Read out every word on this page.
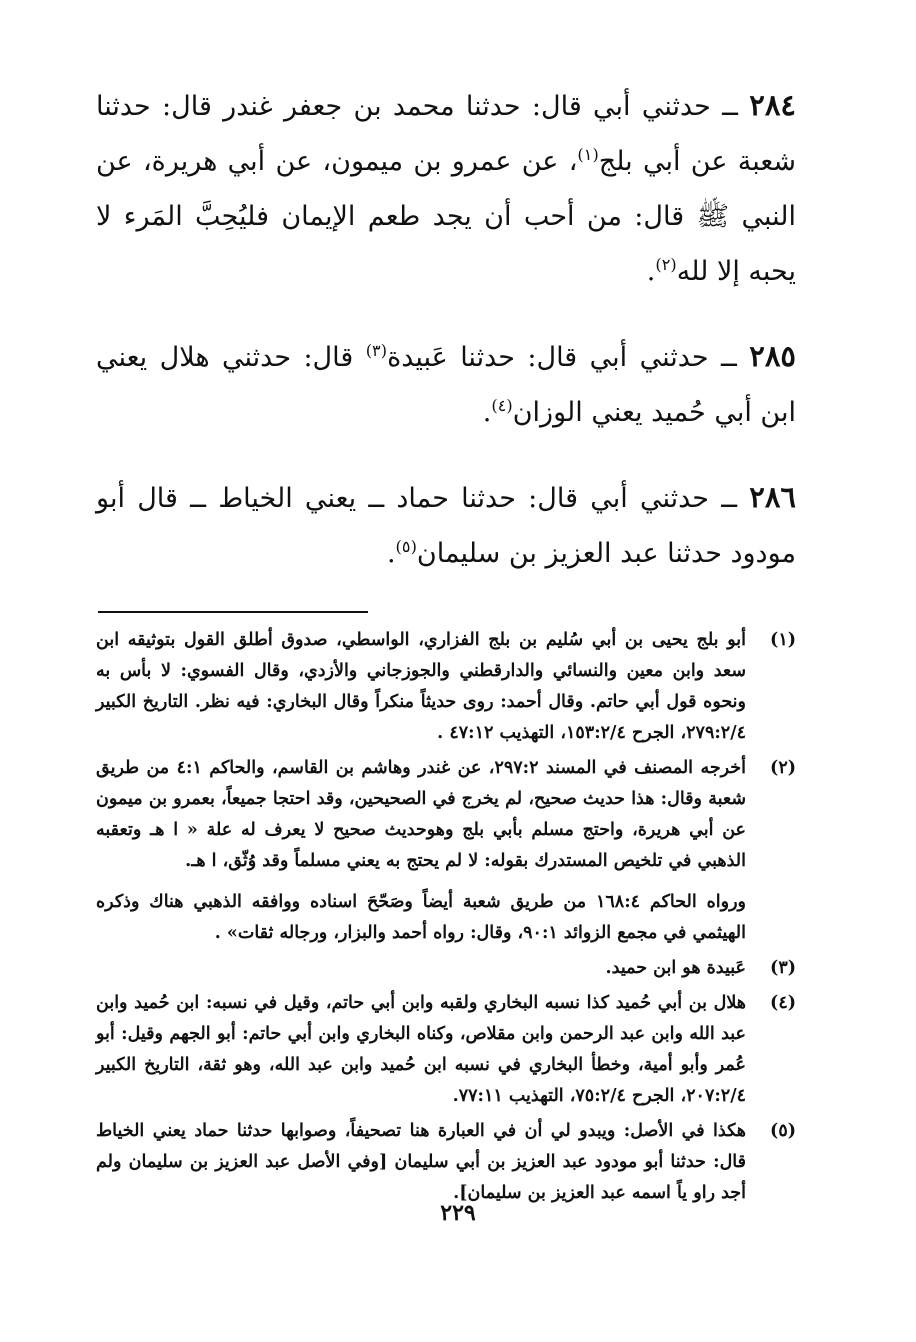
٢٨٤ ــ حدثني أبي قال: حدثنا محمد بن جعفر غندر قال: حدثنا شعبة عن أبي بلج$^{(١)}$، عن عمرو بن ميمون، عن أبي هريرة، عن النبي ﷺ قال: من أحب أن يجد طعم الإيمان فليُحِبَّ المَرء لا يحبه إلا لله$^{(٢)}$.

٢٨٥ ــ حدثني أبي قال: حدثنا عَبيدة$^{(٣)}$ قال: حدثني هلال يعني ابن أبي حُميد يعني الوزان$^{(٤)}$.

٢٨٦ ــ حدثني أبي قال: حدثنا حماد ــ يعني الخياط ــ قال أبو مودود حدثنا عبد العزيز بن سليمان$^{(٥)}$.

(١)
أبو بلج يحيى بن أبي سُليم بن بلج الفزاري، الواسطي، صدوق أطلق القول بتوثيقه ابن سعد وابن معين والنسائي والدارقطني والجوزجاني والأزدي، وقال الفسوي: لا بأس به ونحوه قول أبي حاتم. وقال أحمد: روى حديثاً منكراً وقال البخاري: فيه نظر. التاريخ الكبير ٢٧٩:٢/٤، الجرح ١٥٣:٢/٤، التهذيب ٤٧:١٢ .
(٢)
أخرجه المصنف في المسند ٢٩٧:٢، عن غندر وهاشم بن القاسم، والحاكم ٤:١ من طريق شعبة وقال: هذا حديث صحيح، لم يخرج في الصحيحين، وقد احتجا جميعاً، بعمرو بن ميمون عن أبي هريرة، واحتج مسلم بأبي بلج وهوحديث صحيح لا يعرف له علة « ا هـ وتعقبه الذهبي في تلخيص المستدرك بقوله: لا لم يحتج به يعني مسلماً وقد وُثّق، ا هـ.
ورواه الحاكم ١٦٨:٤ من طريق شعبة أيضاً وصَحّحَ اسناده ووافقه الذهبي هناك وذكره الهيثمي في مجمع الزوائد ٩٠:١، وقال: رواه أحمد والبزار، ورجاله ثقات» .
(٣)
عَبيدة هو ابن حميد.
(٤)
هلال بن أبي حُميد كذا نسبه البخاري ولقبه وابن أبي حاتم، وقيل في نسبه: ابن حُميد وابن عبد الله وابن عبد الرحمن وابن مقلاص، وكناه البخاري وابن أبي حاتم: أبو الجهم وقيل: أبو عُمر وأبو أمية، وخطأ البخاري في نسبه ابن حُميد وابن عبد الله، وهو ثقة، التاريخ الكبير ٢٠٧:٢/٤، الجرح ٧٥:٢/٤، التهذيب ٧٧:١١.
(٥)
هكذا في الأصل: ويبدو لي أن في العبارة هنا تصحيفاً، وصوابها حدثنا حماد يعني الخياط قال: حدثنا أبو مودود عبد العزيز بن أبي سليمان [وفي الأصل عبد العزيز بن سليمان ولم أجد راو ياً اسمه عبد العزيز بن سليمان].
٢٢٩
